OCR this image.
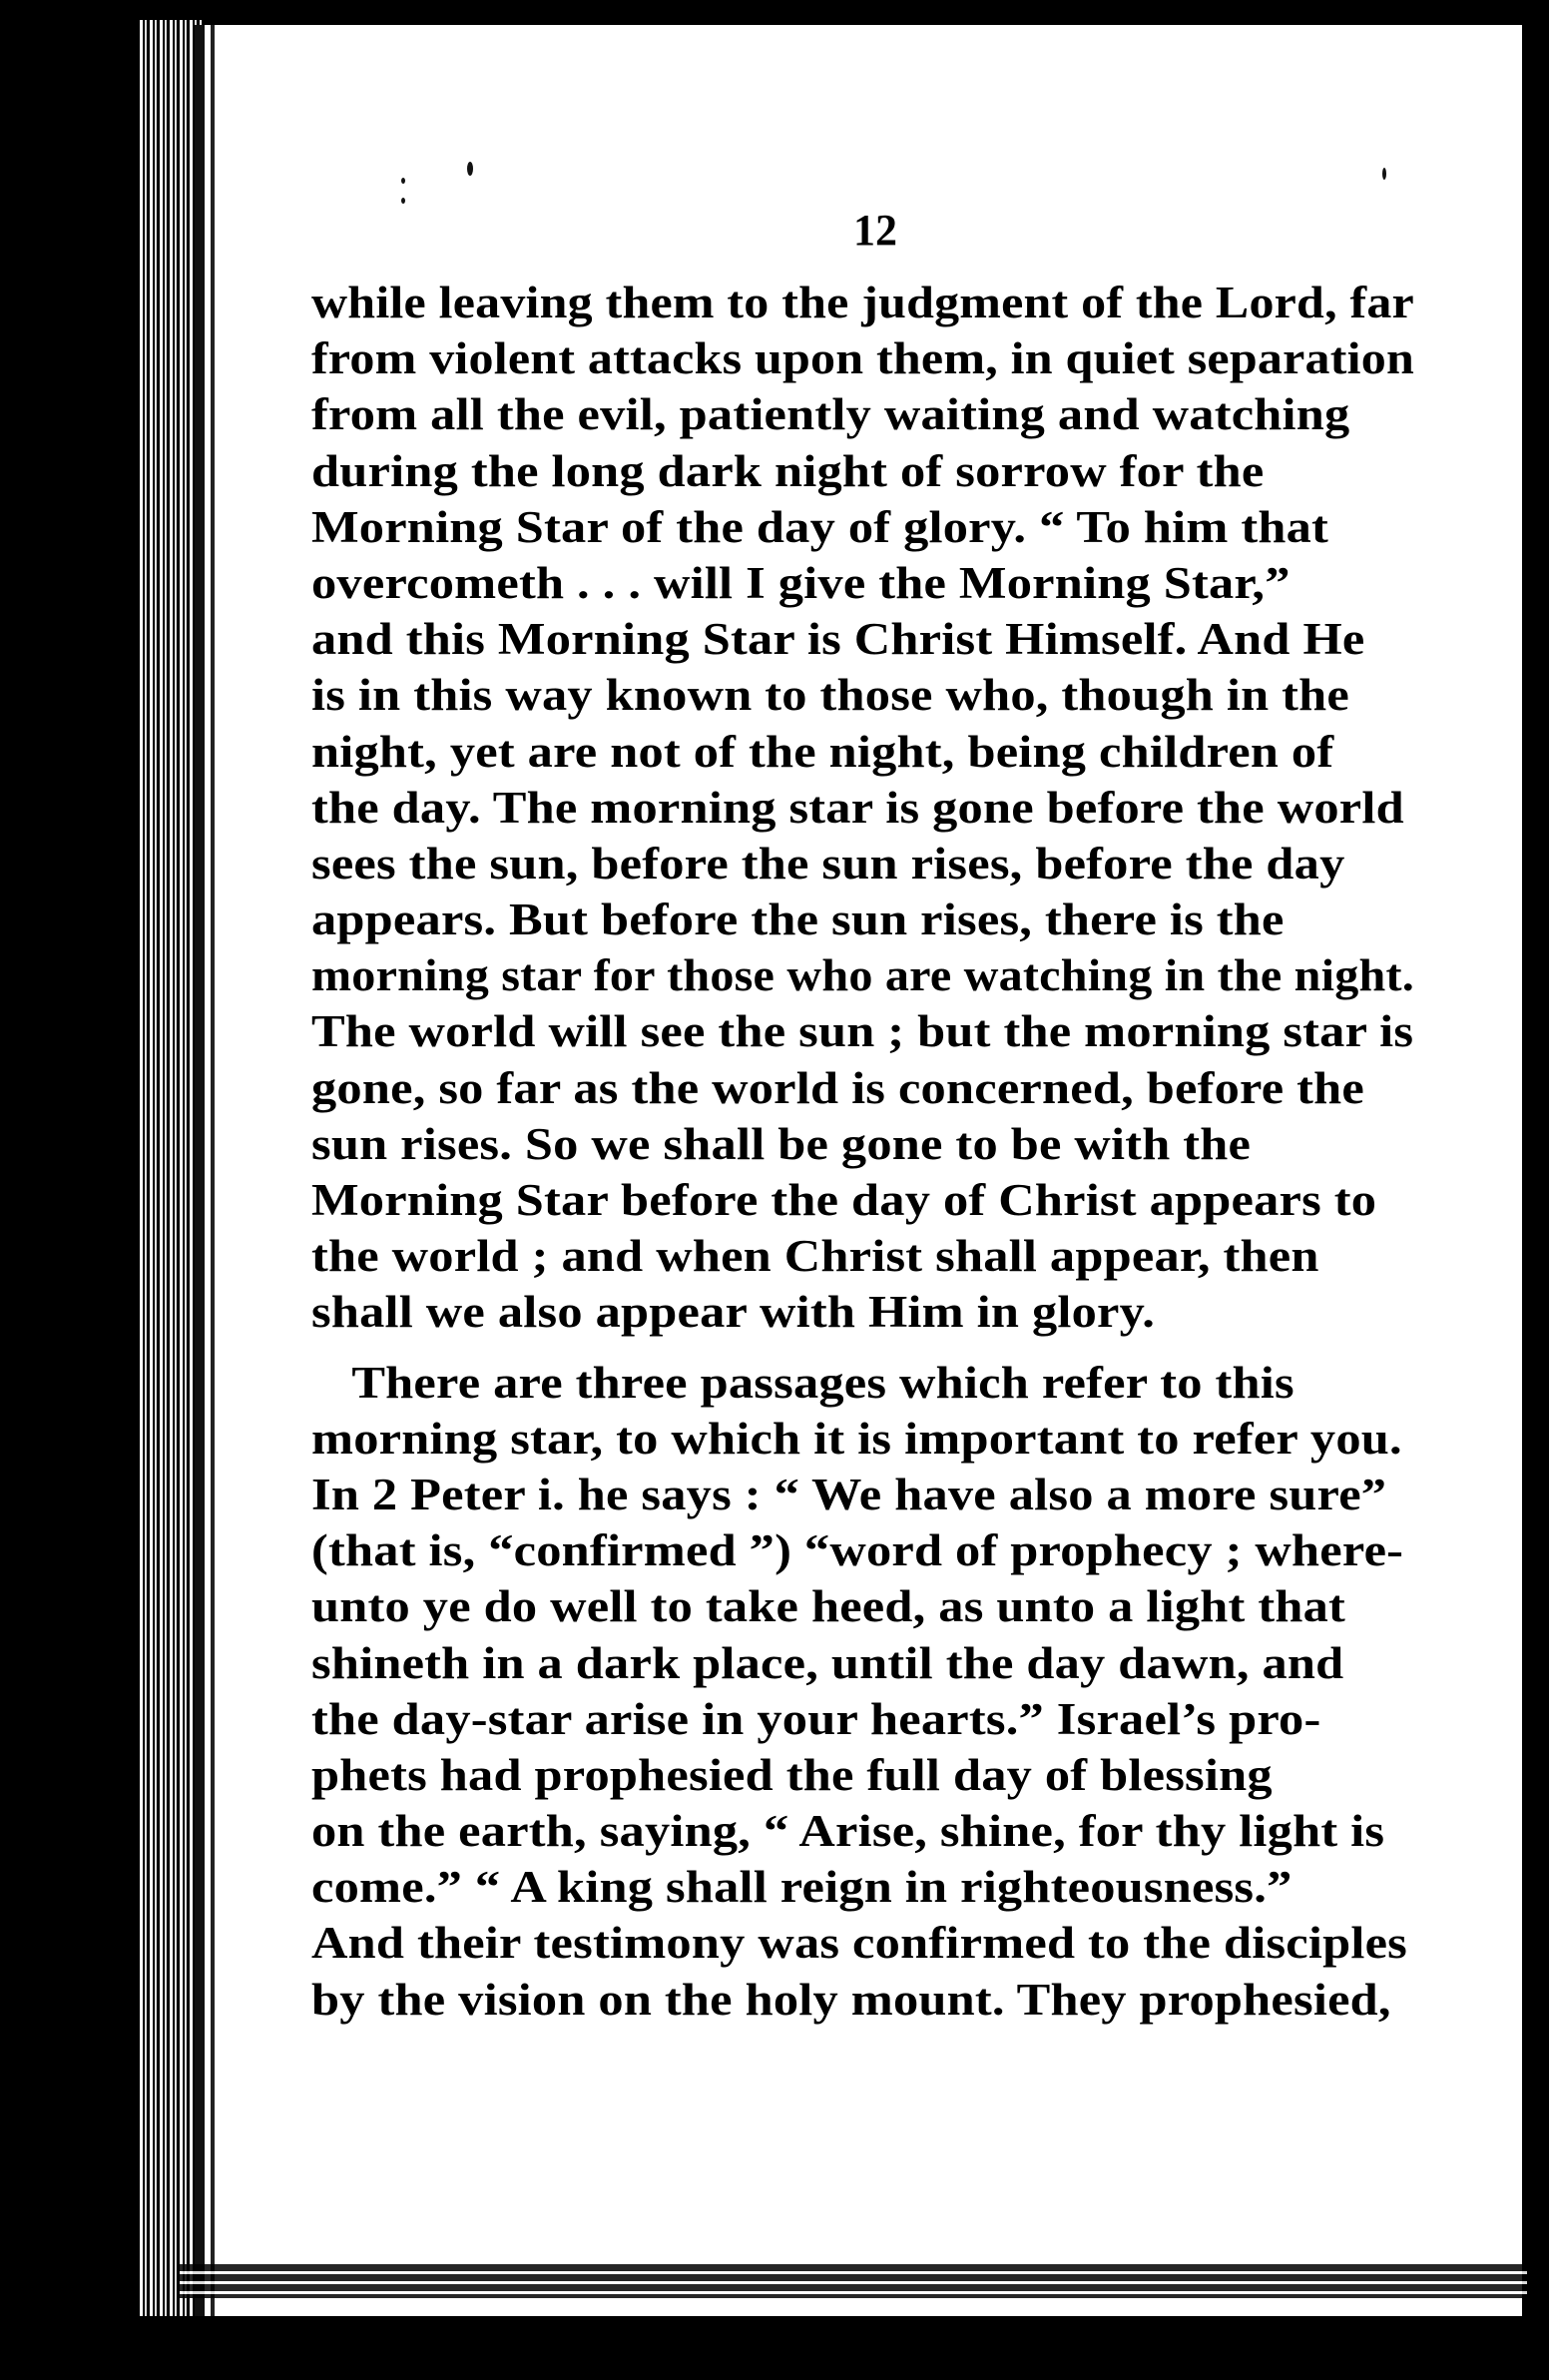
12
while leaving them to the judgment of the Lord, far
from violent attacks upon them, in quiet separation
from all the evil, patiently waiting and watching
during the long dark night of sorrow for the
Morning Star of the day of glory. “ To him that
overcometh . . . will I give the Morning Star,”
and this Morning Star is Christ Himself. And He
is in this way known to those who, though in the
night, yet are not of the night, being children of
the day. The morning star is gone before the world
sees the sun, before the sun rises, before the day
appears. But before the sun rises, there is the
morning star for those who are watching in the night.
The world will see the sun ; but the morning star is
gone, so far as the world is concerned, before the
sun rises. So we shall be gone to be with the
Morning Star before the day of Christ appears to
the world ; and when Christ shall appear, then
shall we also appear with Him in glory.
There are three passages which refer to this
morning star, to which it is important to refer you.
In 2 Peter i. he says : “ We have also a more sure”
(that is, “confirmed ”) “word of prophecy ; where-
unto ye do well to take heed, as unto a light that
shineth in a dark place, until the day dawn, and
the day-star arise in your hearts.” Israel’s pro-
phets had prophesied the full day of blessing
on the earth, saying, “ Arise, shine, for thy light is
come.” “ A king shall reign in righteousness.”
And their testimony was confirmed to the disciples
by the vision on the holy mount. They prophesied,
